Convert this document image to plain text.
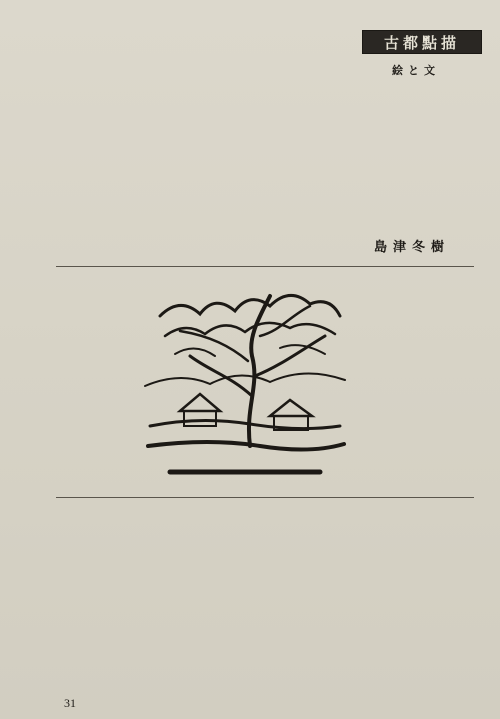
古都點描
絵と文
島津冬樹
31
